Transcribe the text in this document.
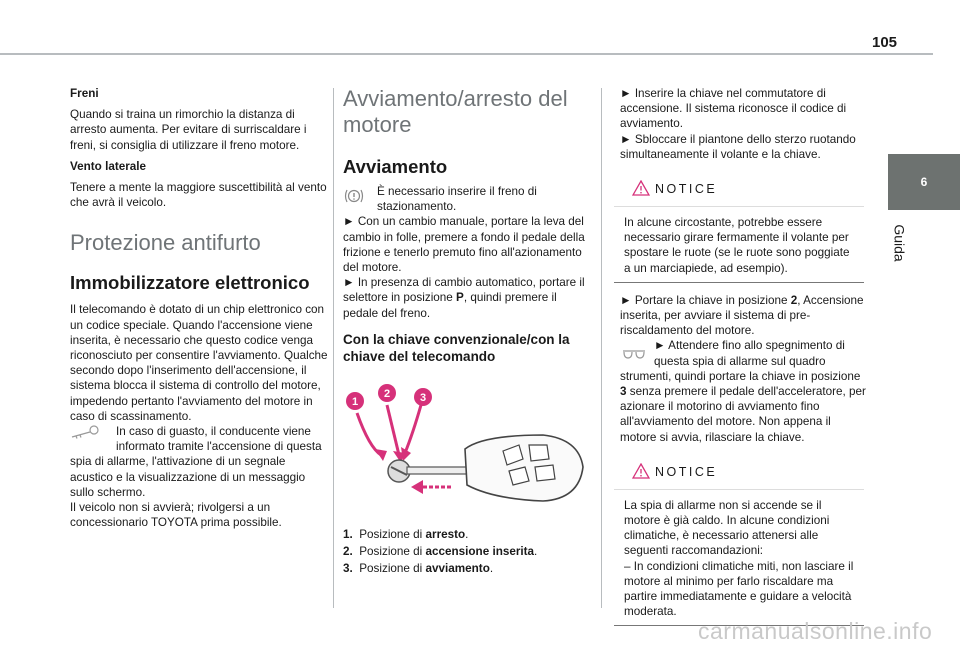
105
6
Guida
Freni

Quando si traina un rimorchio la distanza di arresto aumenta. Per evitare di surriscaldare i freni, si consiglia di utilizzare il freno motore.

Vento laterale

Tenere a mente la maggiore suscettibilità al vento che avrà il veicolo.

Protezione antifurto
Immobilizzatore elettronico

Il telecomando è dotato di un chip elettronico con un codice speciale. Quando l'accensione viene inserita, è necessario che questo codice venga riconosciuto per consentire l'avviamento. Qualche secondo dopo l'inserimento dell'accensione, il sistema blocca il sistema di controllo del motore, impedendo pertanto l'avviamento del motore in caso di scassinamento.

In caso di guasto, il conducente viene

informato tramite l'accensione di questa spia di allarme, l'attivazione di un segnale acustico e la visualizzazione di un messaggio sullo schermo.

Il veicolo non si avvierà; rivolgersi a un concessionario TOYOTA prima possibile.

Avviamento/arresto del motore
Avviamento
È necessario inserire il freno di stazionamento.

► Con un cambio manuale, portare la leva del cambio in folle, premere a fondo il pedale della frizione e tenerlo premuto fino all'azionamento del motore.

► In presenza di cambio automatico, portare il selettore in posizione P, quindi premere il pedale del freno.

Con la chiave convenzionale/con la chiave del telecomando
1
2	3
1. Posizione di arresto.
2. Posizione di accensione inserita.
3. Posizione di avviamento.

► Inserire la chiave nel commutatore di accensione. Il sistema riconosce il codice di avviamento.

► Sbloccare il piantone dello sterzo ruotando simultaneamente il volante e la chiave.

NOTICE
In alcune circostante, potrebbe essere necessario girare fermamente il volante per spostare le ruote (se le ruote sono poggiate a un marciapiede, ad esempio).

► Portare la chiave in posizione 2, Accensione inserita, per avviare il sistema di pre-riscaldamento del motore.

► Attendere fino allo spegnimento di
questa spia di allarme sul quadro

strumenti, quindi portare la chiave in posizione 3 senza premere il pedale dell'acceleratore, per azionare il motorino di avviamento fino all'avviamento del motore. Non appena il motore si avvia, rilasciare la chiave.

NOTICE
La spia di allarme non si accende se il motore è già caldo. In alcune condizioni climatiche, è necessario attenersi alle seguenti raccomandazioni:
– In condizioni climatiche miti, non lasciare il motore al minimo per farlo riscaldare ma partire immediatamente e guidare a velocità moderata.
carmanualsonline.info
